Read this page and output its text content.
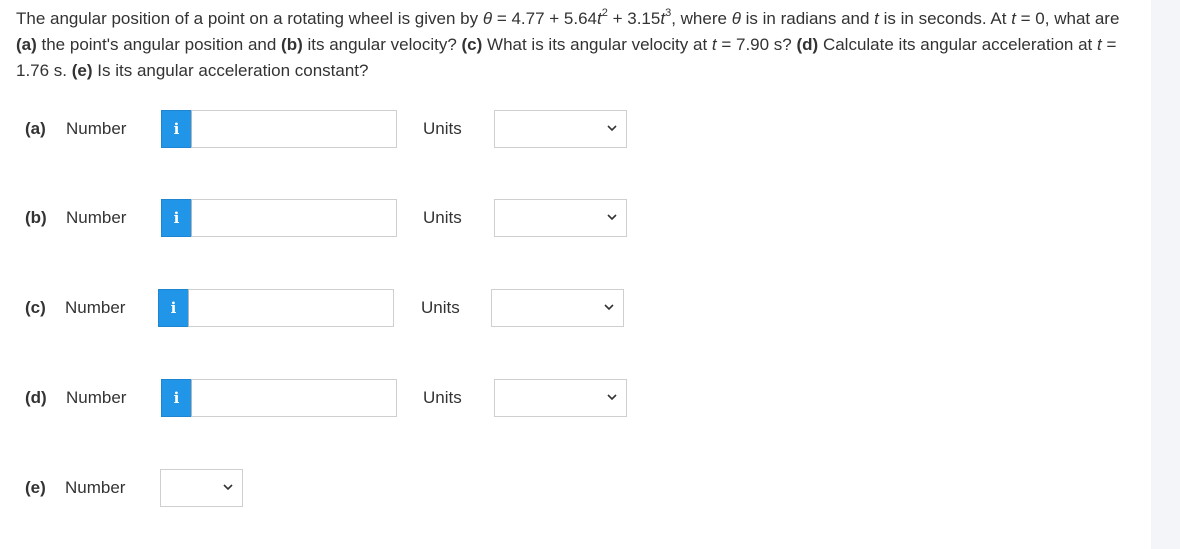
The angular position of a point on a rotating wheel is given by $\theta = 4.77 + 5.64t^2 + 3.15t^3$, where θ is in radians and t is in seconds. At t = 0, what are (a) the point's angular position and (b) its angular velocity? (c) What is its angular velocity at t = 7.90 s? (d) Calculate its angular acceleration at t = 1.76 s. (e) Is its angular acceleration constant?
(a) Number	i	Units
(b) Number	i	Units
(c) Number	i	Units
(d) Number	i	Units
(e) Number
